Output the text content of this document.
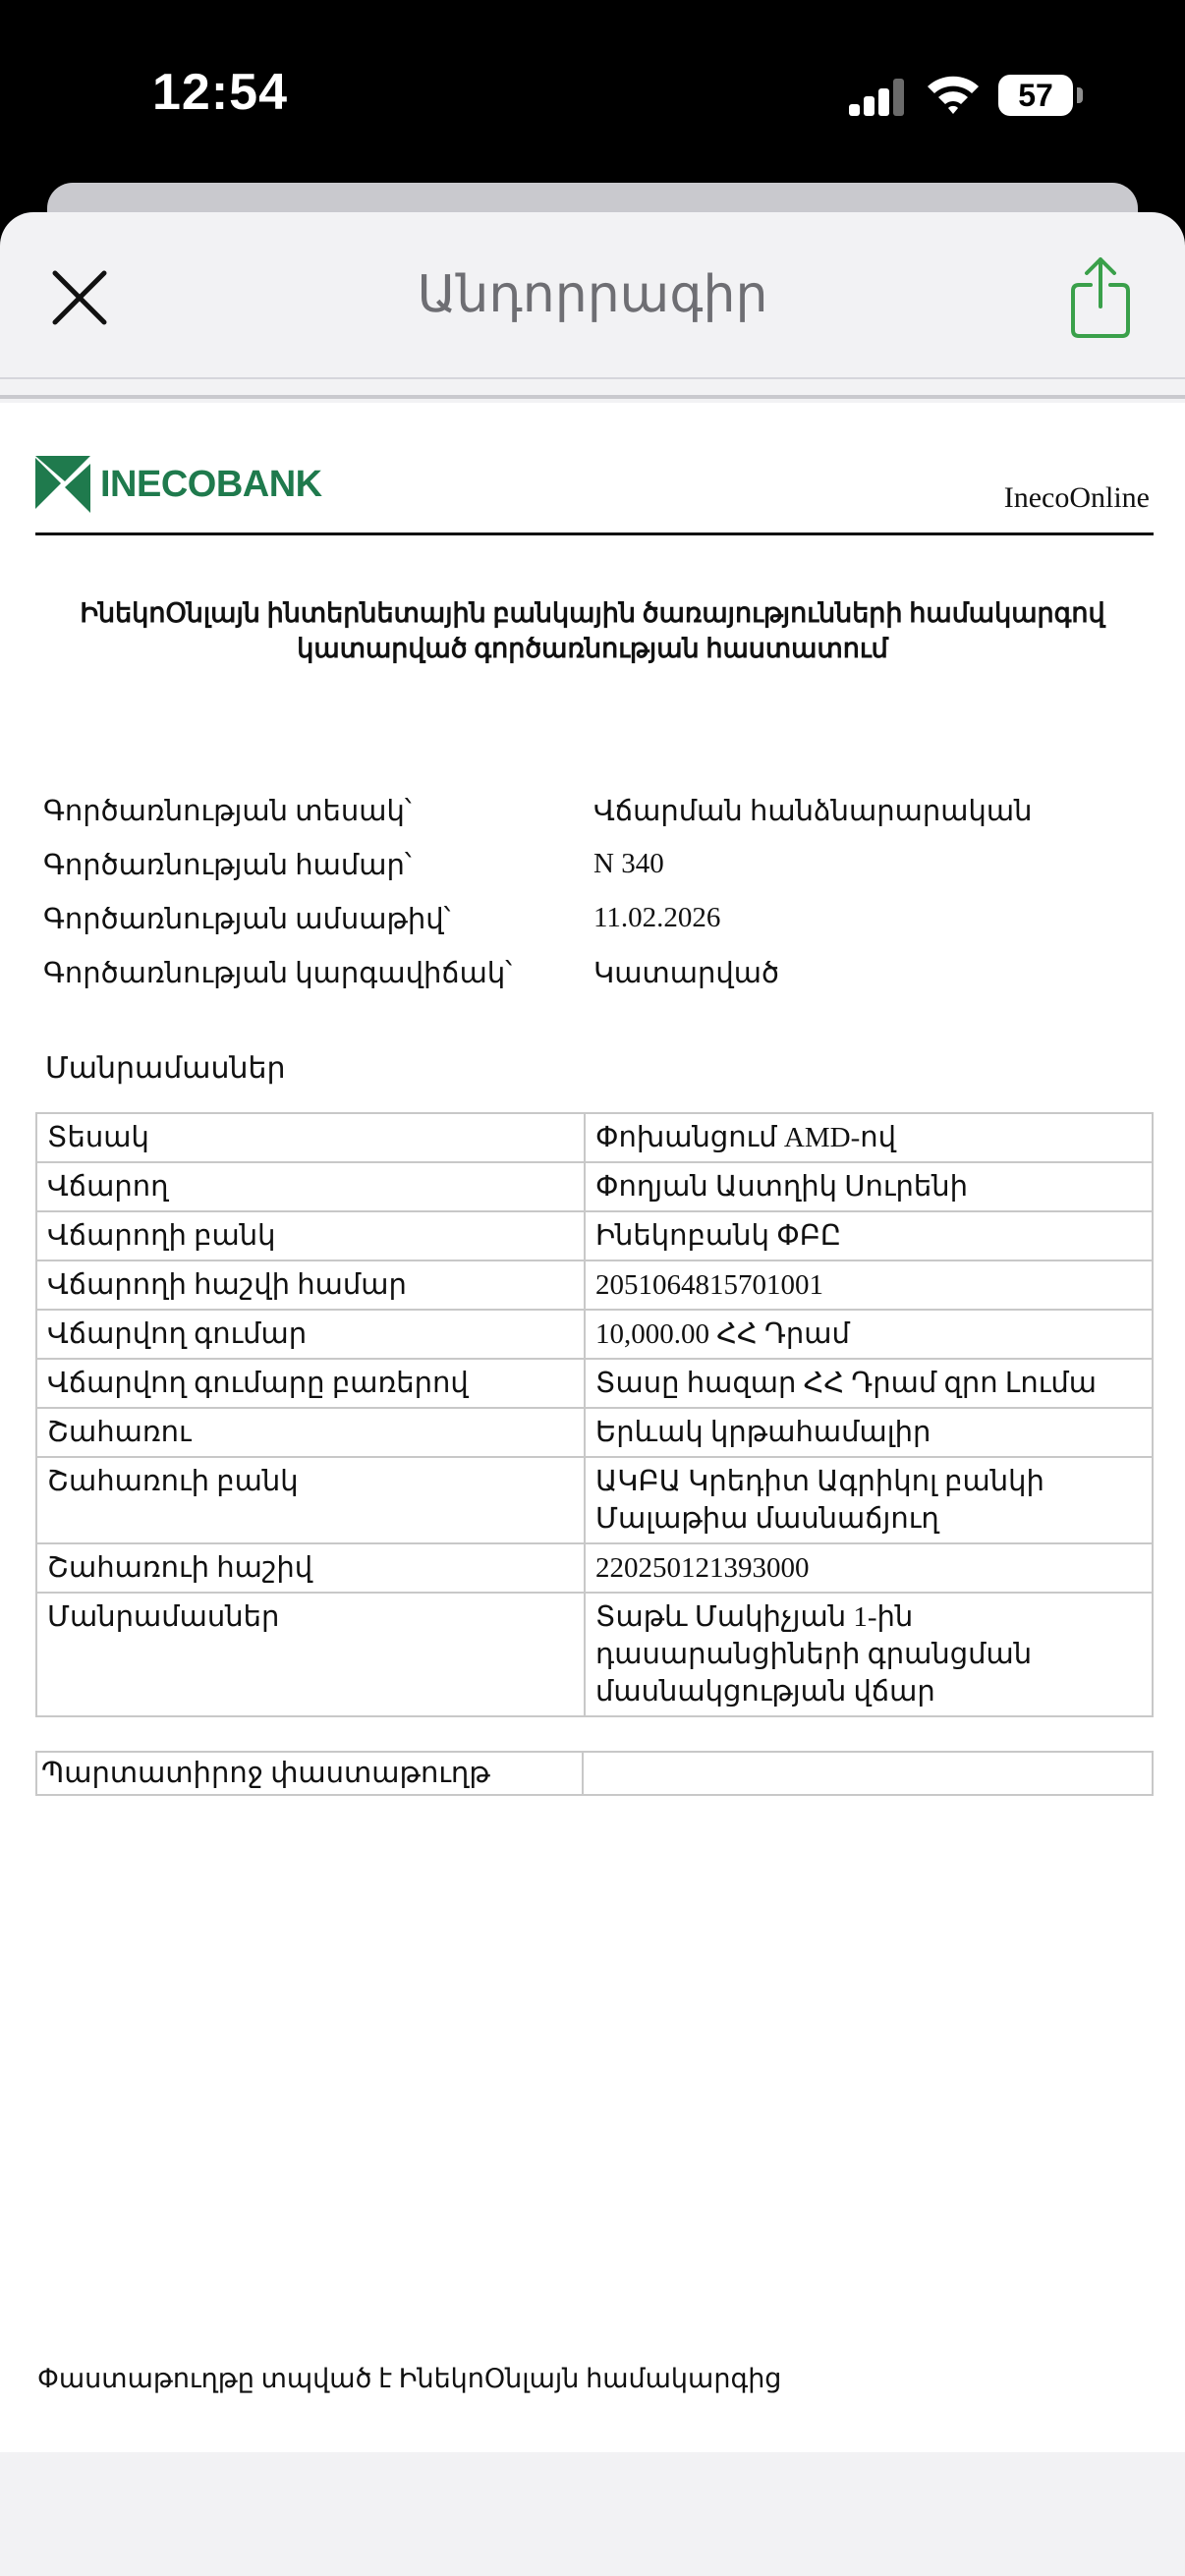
12:54	57
Անդորրագիր
INECOBANK	InecoOnline
ԻնեկոՕնլայն ինտերնետային բանկային ծառայությունների համակարգով կատարված գործառնության հաստատում
Գործառնության տեսակ՝	Վճարման հանձնարարական
Գործառնության համար՝	N 340
Գործառնության ամսաթիվ՝	11.02.2026
Գործառնության կարգավիճակ՝	Կատարված
Մանրամասներ
Տեսակ	Փոխանցում AMD-ով
Վճարող	Փողյան Աստղիկ Սուրենի
Վճարողի բանկ	Ինեկոբանկ ՓԲԸ
Վճարողի հաշվի համար	2051064815701001
Վճարվող գումար	10,000.00 ՀՀ Դրամ
Վճարվող գումարը բառերով	Տասը հազար ՀՀ Դրամ զրո Լումա
Շահառու	Երևակ կրթահամալիր
Շահառուի բանկ	ԱԿԲԱ Կրեդիտ Ագրիկոլ բանկի Մալաթիա մասնաճյուղ
Շահառուի հաշիվ	220250121393000
Մանրամասներ	Տաթև Մակիչյան 1-ին դասարանցիների գրանցման մասնակցության վճար
Պարտատիրոջ փաստաթուղթ	
Փաստաթուղթը տպված է ԻնեկոՕնլայն համակարգից
